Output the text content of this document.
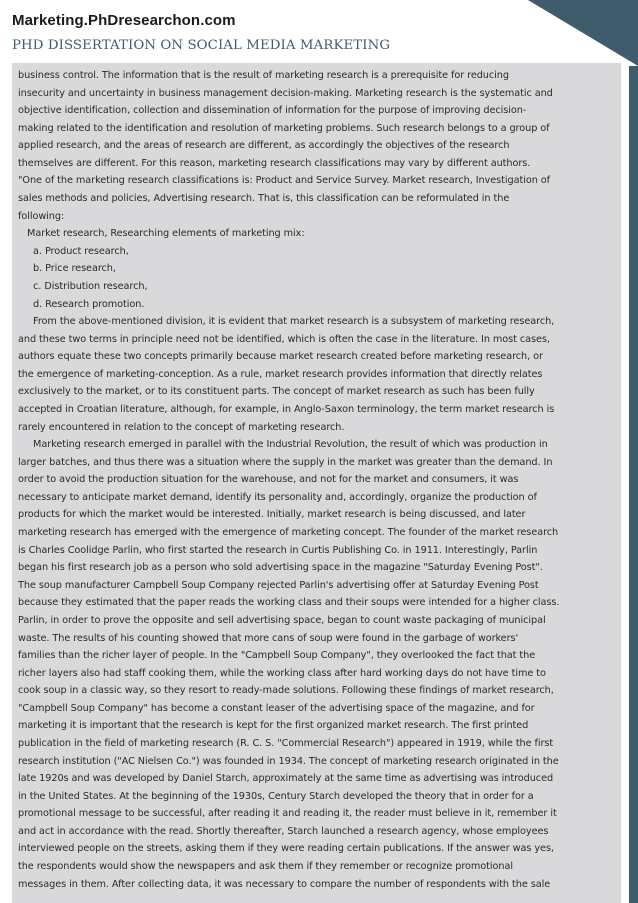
Marketing.PhDresearchon.com
PHD DISSERTATION ON SOCIAL MEDIA MARKETING

business control. The information that is the result of marketing research is a prerequisite for reducing

insecurity and uncertainty in business management decision-making. Marketing research is the systematic and

objective identification, collection and dissemination of information for the purpose of improving decision-

making related to the identification and resolution of marketing problems. Such research belongs to a group of

applied research, and the areas of research are different, as accordingly the objectives of the research

themselves are different. For this reason, marketing research classifications may vary by different authors.

"One of the marketing research classifications is: Product and Service Survey. Market research, Investigation of

sales methods and policies, Advertising research. That is, this classification can be reformulated in the

following:

Market research, Researching elements of marketing mix:

a. Product research,

b. Price research,

c. Distribution research,

d. Research promotion.

From the above-mentioned division, it is evident that market research is a subsystem of marketing research,

and these two terms in principle need not be identified, which is often the case in the literature. In most cases,

authors equate these two concepts primarily because market research created before marketing research, or

the emergence of marketing-conception. As a rule, market research provides information that directly relates

exclusively to the market, or to its constituent parts. The concept of market research as such has been fully

accepted in Croatian literature, although, for example, in Anglo-Saxon terminology, the term market research is

rarely encountered in relation to the concept of marketing research.

Marketing research emerged in parallel with the Industrial Revolution, the result of which was production in

larger batches, and thus there was a situation where the supply in the market was greater than the demand. In

order to avoid the production situation for the warehouse, and not for the market and consumers, it was

necessary to anticipate market demand, identify its personality and, accordingly, organize the production of

products for which the market would be interested. Initially, market research is being discussed, and later

marketing research has emerged with the emergence of marketing concept. The founder of the market research

is Charles Coolidge Parlin, who first started the research in Curtis Publishing Co. in 1911. Interestingly, Parlin

began his first research job as a person who sold advertising space in the magazine "Saturday Evening Post".

The soup manufacturer Campbell Soup Company rejected Parlin's advertising offer at Saturday Evening Post

because they estimated that the paper reads the working class and their soups were intended for a higher class.

Parlin, in order to prove the opposite and sell advertising space, began to count waste packaging of municipal

waste. The results of his counting showed that more cans of soup were found in the garbage of workers'

families than the richer layer of people. In the "Campbell Soup Company", they overlooked the fact that the

richer layers also had staff cooking them, while the working class after hard working days do not have time to

cook soup in a classic way, so they resort to ready-made solutions. Following these findings of market research,

"Campbell Soup Company" has become a constant leaser of the advertising space of the magazine, and for

marketing it is important that the research is kept for the first organized market research. The first printed

publication in the field of marketing research (R. C. S. "Commercial Research") appeared in 1919, while the first

research institution ("AC Nielsen Co.") was founded in 1934. The concept of marketing research originated in the

late 1920s and was developed by Daniel Starch, approximately at the same time as advertising was introduced

in the United States. At the beginning of the 1930s, Century Starch developed the theory that in order for a

promotional message to be successful, after reading it and reading it, the reader must believe in it, remember it

and act in accordance with the read. Shortly thereafter, Starch launched a research agency, whose employees

interviewed people on the streets, asking them if they were reading certain publications. If the answer was yes,

the respondents would show the newspapers and ask them if they remember or recognize promotional

messages in them. After collecting data, it was necessary to compare the number of respondents with the sale
